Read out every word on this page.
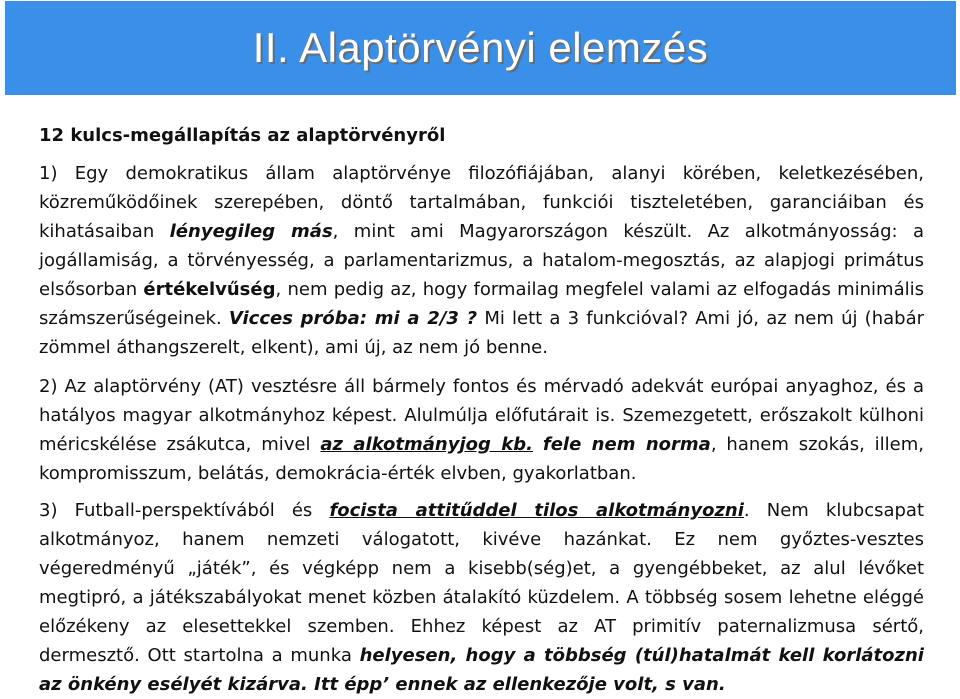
II. Alaptörvényi elemzés

12 kulcs-megállapítás az alaptörvényről

1) Egy demokratikus állam alaptörvénye filozófiájában, alanyi körében, keletkezésében, közreműködőinek szerepében, döntő tartalmában, funkciói tiszteletében, garanciáiban és kihatásaiban lényegileg más, mint ami Magyarországon készült. Az alkotmányosság: a jogállamiság, a törvényesség, a parlamentarizmus, a hatalom-megosztás, az alapjogi primátus elsősorban értékelvűség, nem pedig az, hogy formailag megfelel valami az elfogadás minimális számszerűségeinek. Vicces próba: mi a 2/3 ? Mi lett a 3 funkcióval? Ami jó, az nem új (habár zömmel áthangszerelt, elkent), ami új, az nem jó benne.

2) Az alaptörvény (AT) vesztésre áll bármely fontos és mérvadó adekvát európai anyaghoz, és a hatályos magyar alkotmányhoz képest. Alulmúlja előfutárait is. Szemezgetett, erőszakolt külhoni méricskélése zsákutca, mivel az alkotmányjog kb. fele nem norma, hanem szokás, illem, kompromisszum, belátás, demokrácia-érték elvben, gyakorlatban.

3) Futball-perspektívából és focista attitűddel tilos alkotmányozni. Nem klubcsapat alkotmányoz, hanem nemzeti válogatott, kivéve hazánkat. Ez nem győztes-vesztes végeredményű „játék”, és végképp nem a kisebb(ség)et, a gyengébbeket, az alul lévőket megtipró, a játékszabályokat menet közben átalakító küzdelem. A többség sosem lehetne eléggé előzékeny az elesettekkel szemben. Ehhez képest az AT primitív paternalizmusa sértő, dermesztő. Ott startolna a munka helyesen, hogy a többség (túl)hatalmát kell korlátozni az önkény esélyét kizárva. Itt épp’ ennek az ellenkezője volt, s van.
